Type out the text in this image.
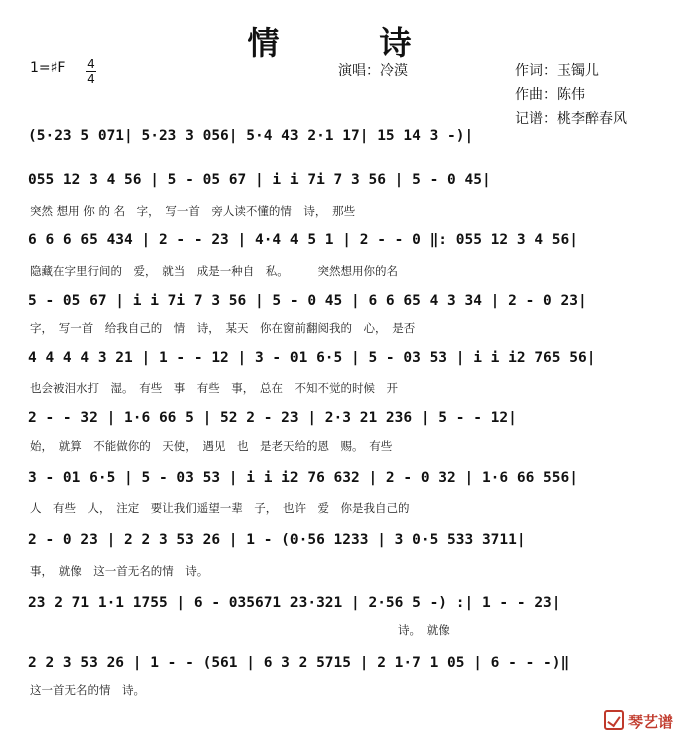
情　诗
1=♯F 4
4	演唱：冷漠	作词：玉镯儿
作曲：陈伟
记谱：桃李醉春风
(5·23 5 071| 5·23 3 056| 5·4 43 2·1 17| 15 14 3 -)|
055 12 3 4 56 | 5 - 05 67 | i i 7i 7 3 56 | 5 - 0 45|
突然 想用 你 的 名　字，　写一首　旁人读不懂的情　诗，　那些
6 6 6 65 434 | 2 - - 23 | 4·4 4 5 1 | 2 - - 0 ‖: 055 12 3 4 56|
隐藏在字里行间的　爱，　就当　成是一种自　私。　　　突然想用你的名
5 - 05 67 | i i 7i 7 3 56 | 5 - 0 45 | 6 6 65 4 3 34 | 2 - 0 23|
字，　写一首　给我自己的　情　诗，　某天　你在窗前翻阅我的　心，　是否
4 4 4 4 3 21 | 1 - - 12 | 3 - 01 6·5 | 5 - 03 53 | i i i2 765 56|
也会被泪水打　湿。　有些　事　有些　事，　总在　不知不觉的时候　开
2 - - 32 | 1·6 66 5 | 52 2 - 23 | 2·3 21 236 | 5 - - 12|
始，　就算　不能做你的　天使，　遇见　也　是老天给的恩　赐。　有些
3 - 01 6·5 | 5 - 03 53 | i i i2 76 632 | 2 - 0 32 | 1·6 66 556|
人　有些　人，　注定　要让我们遥望一辈　子，　也许　爱　你是我自己的
2 - 0 23 | 2 2 3 53 26 | 1 - (0·56 1233 | 3 0·5 533 3711|
事，　就像　这一首无名的情　诗。
23 2 71 1·1 1755 | 6 - 035671 23·321 | 2·56 5 -) :| 1 - - 23|
　　　　　　　　　　　　　　　　　　　　　　　　　　　　　　　　诗。　就像
2 2 3 53 26 | 1 - - (561 | 6 3 2 5715 | 2 1·7 1 05 | 6 - - -)‖
这一首无名的情　诗。
琴艺谱
